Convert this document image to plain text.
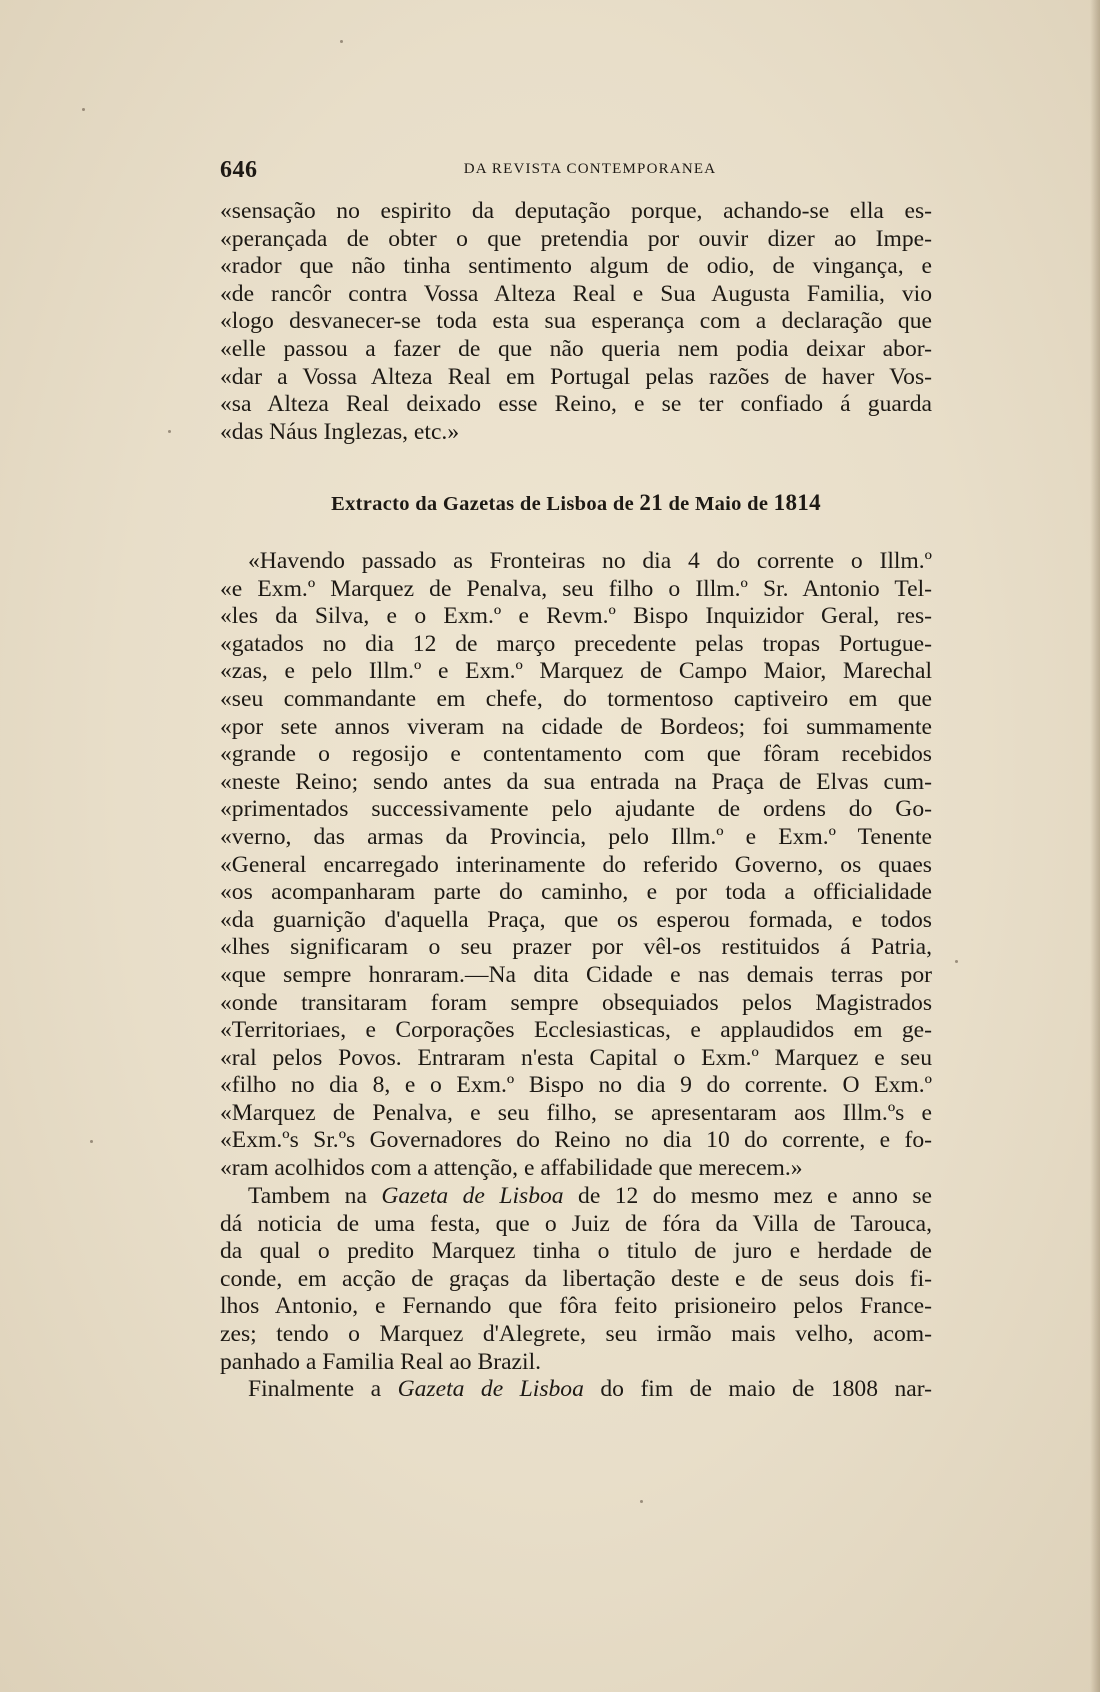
646	DA REVISTA CONTEMPORANEA
«sensação no espirito da deputação porque, achando-se ella es-
«perançada de obter o que pretendia por ouvir dizer ao Impe-
«rador que não tinha sentimento algum de odio, de vingança, e
«de rancôr contra Vossa Alteza Real e Sua Augusta Familia, vio
«logo desvanecer-se toda esta sua esperança com a declaração que
«elle passou a fazer de que não queria nem podia deixar abor-
«dar a Vossa Alteza Real em Portugal pelas razões de haver Vos-
«sa Alteza Real deixado esse Reino, e se ter confiado á guarda
«das Náus Inglezas, etc.»
Extracto da Gazetas de Lisboa de 21 de Maio de 1814
«Havendo passado as Fronteiras no dia 4 do corrente o Illm.º
«e Exm.º Marquez de Penalva, seu filho o Illm.º Sr. Antonio Tel-
«les da Silva, e o Exm.º e Revm.º Bispo Inquizidor Geral, res-
«gatados no dia 12 de março precedente pelas tropas Portugue-
«zas, e pelo Illm.º e Exm.º Marquez de Campo Maior, Marechal
«seu commandante em chefe, do tormentoso captiveiro em que
«por sete annos viveram na cidade de Bordeos; foi summamente
«grande o regosijo e contentamento com que fôram recebidos
«neste Reino; sendo antes da sua entrada na Praça de Elvas cum-
«primentados successivamente pelo ajudante de ordens do Go-
«verno, das armas da Provincia, pelo Illm.º e Exm.º Tenente
«General encarregado interinamente do referido Governo, os quaes
«os acompanharam parte do caminho, e por toda a officialidade
«da guarnição d'aquella Praça, que os esperou formada, e todos
«lhes significaram o seu prazer por vêl-os restituidos á Patria,
«que sempre honraram.—Na dita Cidade e nas demais terras por
«onde transitaram foram sempre obsequiados pelos Magistrados
«Territoriaes, e Corporações Ecclesiasticas, e applaudidos em ge-
«ral pelos Povos. Entraram n'esta Capital o Exm.º Marquez e seu
«filho no dia 8, e o Exm.º Bispo no dia 9 do corrente. O Exm.º
«Marquez de Penalva, e seu filho, se apresentaram aos Illm.ºs e
«Exm.ºs Sr.ºs Governadores do Reino no dia 10 do corrente, e fo-
«ram acolhidos com a attenção, e affabilidade que merecem.»
Tambem na Gazeta de Lisboa de 12 do mesmo mez e anno se
dá noticia de uma festa, que o Juiz de fóra da Villa de Tarouca,
da qual o predito Marquez tinha o titulo de juro e herdade de
conde, em acção de graças da libertação deste e de seus dois fi-
lhos Antonio, e Fernando que fôra feito prisioneiro pelos France-
zes; tendo o Marquez d'Alegrete, seu irmão mais velho, acom-
panhado a Familia Real ao Brazil.
Finalmente a Gazeta de Lisboa do fim de maio de 1808 nar-
